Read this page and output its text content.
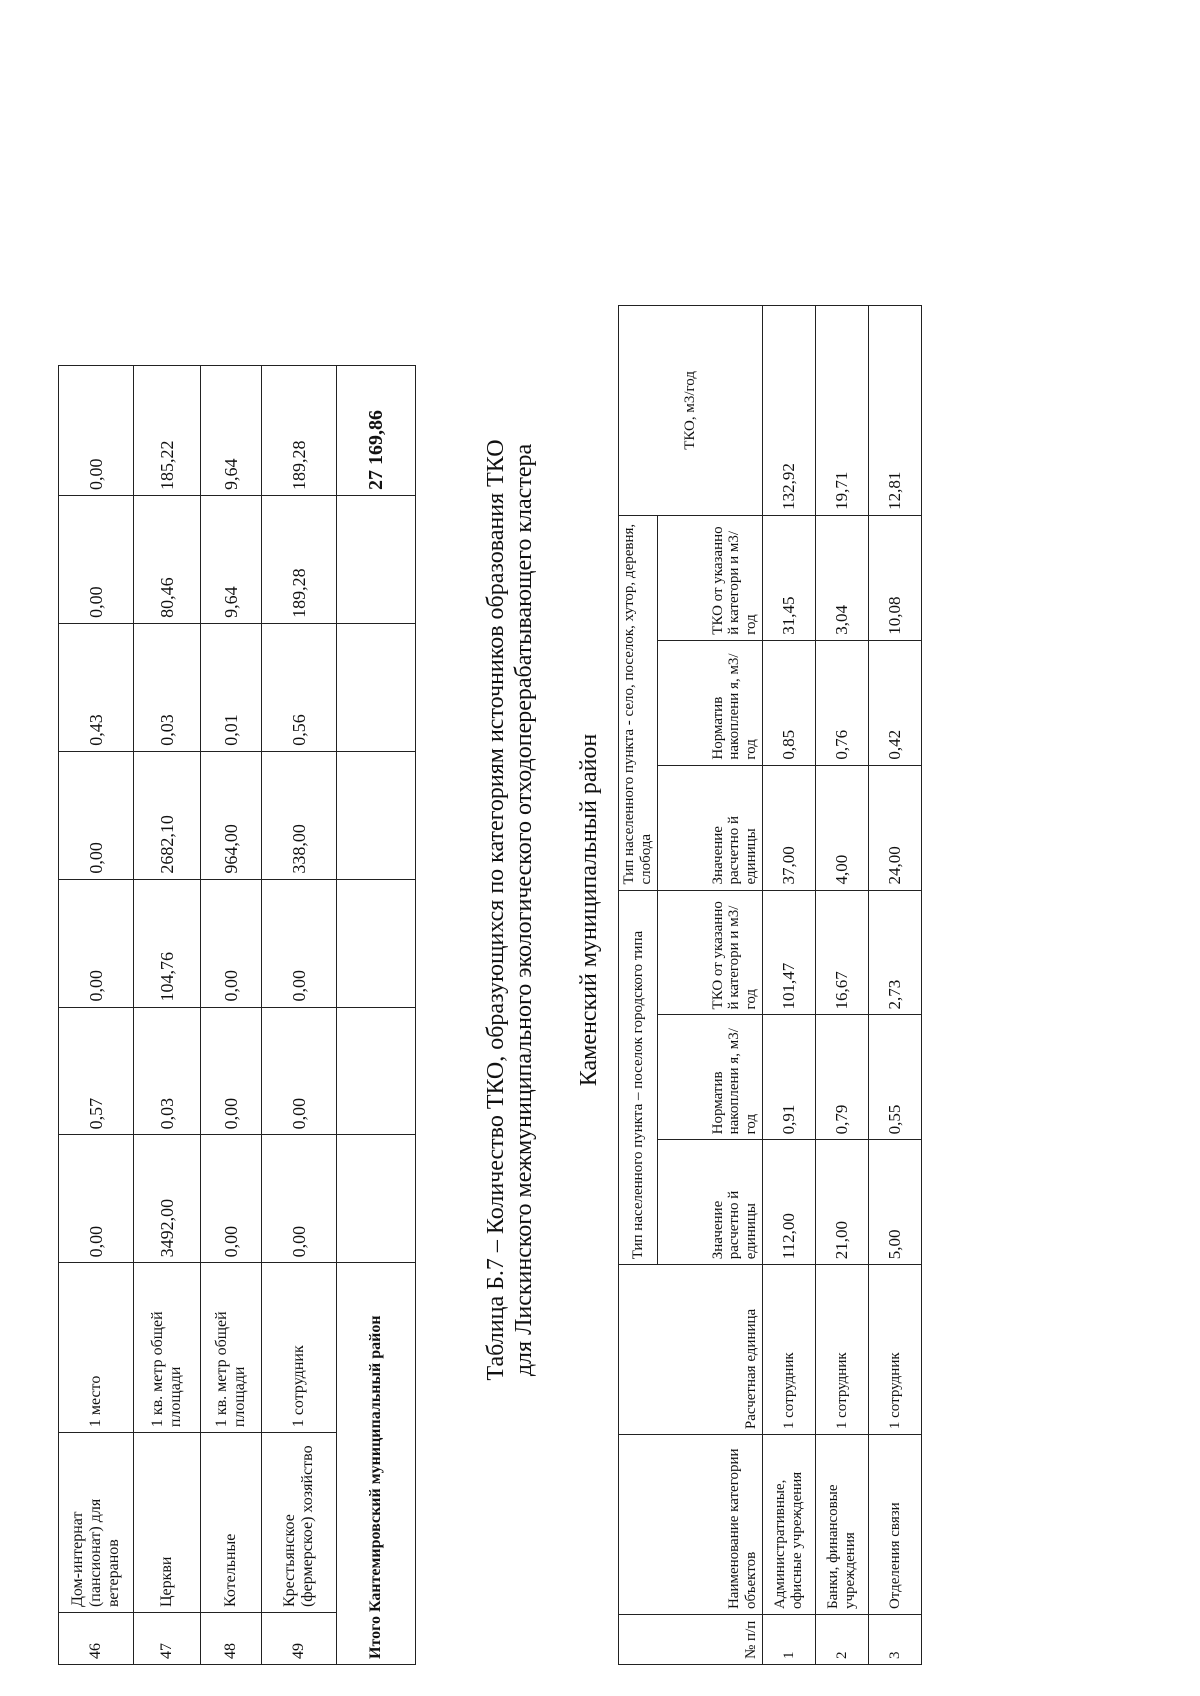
46	Дом-интернат (пансионат) для ветеранов	1 место	0,00	0,57	0,00	0,00	0,43	0,00	0,00
47	Церкви	1 кв. метр общей площади	3492,00	0,03	104,76	2682,10	0,03	80,46	185,22
48	Котельные	1 кв. метр общей площади	0,00	0,00	0,00	964,00	0,01	9,64	9,64
49	Крестьянское (фермерское) хозяйство	1 сотрудник	0,00	0,00	0,00	338,00	0,56	189,28	189,28
Итого Кантемировский муниципальный район									27 169,86	Таблица Б.7 – Количество ТКО, образующихся по категориям источников образования ТКО для Лискинского межмуниципального экологического отходоперерабатывающего кластера Каменский муниципальный район
№ п/п	Наименование категории объектов	Расчетная единица	Тип населенного пункта – поселок городского типа			Тип населенного пункта - село, поселок, хутор, деревня, слобода			ТКО, м3/год
			Значение расчетно й единицы	Норматив накоплени я, м3/год	ТКО от указанно й категори и м3/год	Значение расчетно й единицы	Норматив накоплени я, м3/год	ТКО от указанно й категори и м3/год	
1	Административные, офисные учреждения	1 сотрудник	112,00	0,91	101,47	37,00	0,85	31,45	132,92
2	Банки, финансовые учреждения	1 сотрудник	21,00	0,79	16,67	4,00	0,76	3,04	19,71
3	Отделения связи	1 сотрудник	5,00	0,55	2,73	24,00	0,42	10,08	12,81
